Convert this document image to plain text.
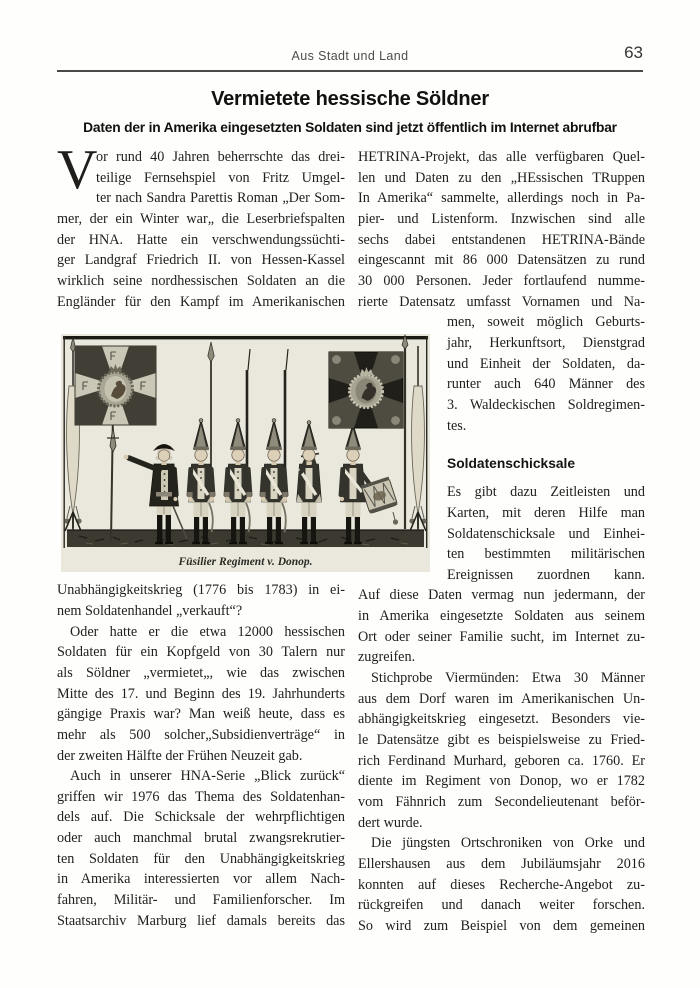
Aus Stadt und Land	63
Vermietete hessische Söldner
Daten der in Amerika eingesetzten Soldaten sind jetzt öffentlich im Internet abrufbar
V
or rund 40 Jahren beherrschte das drei-
teilige Fernsehspiel von Fritz Umgel-
ter nach Sandra Parettis Roman „Der Som-
mer, der ein Winter war„ die Leserbriefspalten
der HNA. Hatte ein verschwendungssüchti-
ger Landgraf Friedrich II. von Hessen-Kassel
wirklich seine nordhessischen Soldaten an die
Engländer für den Kampf im Amerikanischen
Unabhängigkeitskrieg (1776 bis 1783) in ei-
nem Soldatenhandel „verkauft“?
Oder hatte er die etwa 12000 hessischen
Soldaten für ein Kopfgeld von 30 Talern nur
als Söldner „vermietet„, wie das zwischen
Mitte des 17. und Beginn des 19. Jahrhunderts
gängige Praxis war? Man weiß heute, dass es
mehr als 500 solcher„Subsidienverträge“ in
der zweiten Hälfte der Frühen Neuzeit gab.
Auch in unserer HNA-Serie „Blick zurück“
griffen wir 1976 das Thema des Soldatenhan-
dels auf. Die Schicksale der wehrpflichtigen
oder auch manchmal brutal zwangsrekrutier-
ten Soldaten für den Unabhängigkeitskrieg
in Amerika interessierten vor allem Nach-
fahren, Militär- und Familienforscher. Im
Staatsarchiv Marburg lief damals bereits das
HETRINA-Projekt, das alle verfügbaren Quel-
len und Daten zu den „HEssischen TRuppen
In Amerika“ sammelte, allerdings noch in Pa-
pier- und Listenform. Inzwischen sind alle
sechs dabei entstandenen HETRINA-Bände
eingescannt mit 86 000 Datensätzen zu rund
30 000 Personen. Jeder fortlaufend numme-
rierte Datensatz umfasst Vornamen und Na-
men, soweit möglich Geburts-
jahr, Herkunftsort, Dienstgrad
und Einheit der Soldaten, da-
runter auch 640 Männer des
3. Waldeckischen Soldregimen-
tes.
Soldatenschicksale
Es gibt dazu Zeitleisten und
Karten, mit deren Hilfe man
Soldatenschicksale und Einhei-
ten bestimmten militärischen
Ereignissen zuordnen kann.
Auf diese Daten vermag nun jedermann, der
in Amerika eingesetzte Soldaten aus seinem
Ort oder seiner Familie sucht, im Internet zu-
zugreifen.
Stichprobe Viermünden: Etwa 30 Männer
aus dem Dorf waren im Amerikanischen Un-
abhängigkeitskrieg eingesetzt. Besonders vie-
le Datensätze gibt es beispielsweise zu Fried-
rich Ferdinand Murhard, geboren ca. 1760. Er
diente im Regiment von Donop, wo er 1782
vom Fähnrich zum Secondelieutenant beför-
dert wurde.
Die jüngsten Ortschroniken von Orke und
Ellershausen aus dem Jubiläumsjahr 2016
konnten auf dieses Recherche-Angebot zu-
rückgreifen und danach weiter forschen.
So wird zum Beispiel von dem gemeinen
Füsilier Regiment v. Donop.
